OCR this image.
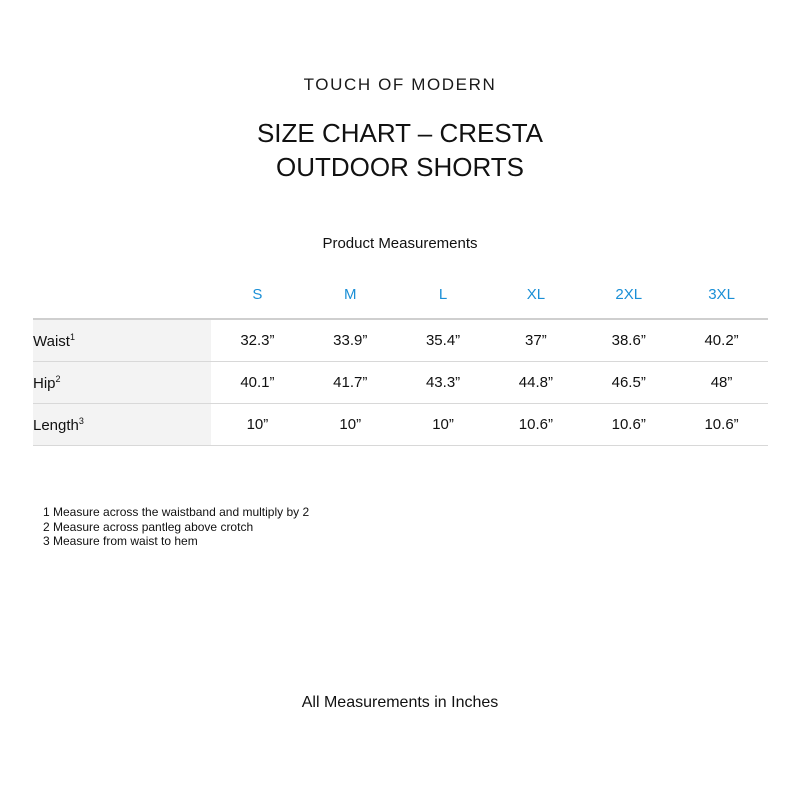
TOUCH OF MODERN
SIZE CHART – CRESTA
OUTDOOR SHORTS
Product Measurements
	S	M	L	XL	2XL	3XL
Waist$^1$	32.3”	33.9”	35.4”	37”	38.6”	40.2”
Hip$^2$	40.1”	41.7”	43.3”	44.8”	46.5”	48”
Length$^3$	10”	10”	10”	10.6”	10.6”	10.6”
1 Measure across the waistband and multiply by 2
2 Measure across pantleg above crotch
3 Measure from waist to hem
All Measurements in Inches
